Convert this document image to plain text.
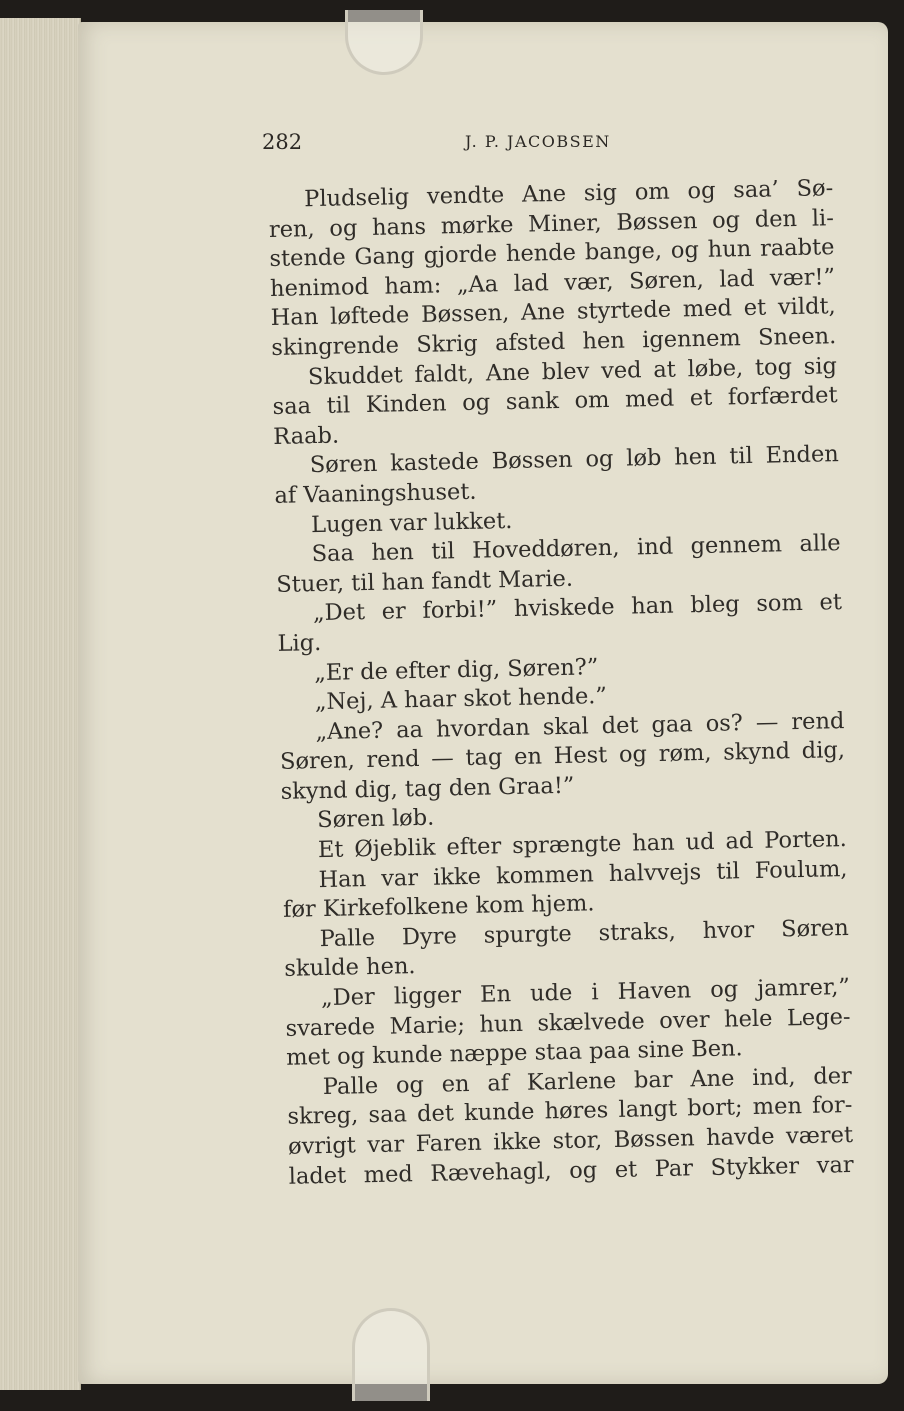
282	J. P. JACOBSEN
Pludselig vendte Ane sig om og saa’ Sø-
ren, og hans mørke Miner, Bøssen og den li-
stende Gang gjorde hende bange, og hun raabte
henimod ham: „Aa lad vær, Søren, lad vær!”
Han løftede Bøssen, Ane styrtede med et vildt,
skingrende Skrig afsted hen igennem Sneen.
Skuddet faldt, Ane blev ved at løbe, tog sig
saa til Kinden og sank om med et forfærdet
Raab.
Søren kastede Bøssen og løb hen til Enden
af Vaaningshuset.
Lugen var lukket.
Saa hen til Hoveddøren, ind gennem alle
Stuer, til han fandt Marie.
„Det er forbi!” hviskede han bleg som et
Lig.
„Er de efter dig, Søren?”
„Nej, A haar skot hende.”
„Ane? aa hvordan skal det gaa os? — rend
Søren, rend — tag en Hest og røm, skynd dig,
skynd dig, tag den Graa!”
Søren løb.
Et Øjeblik efter sprængte han ud ad Porten.
Han var ikke kommen halvvejs til Foulum,
før Kirkefolkene kom hjem.
Palle Dyre spurgte straks, hvor Søren
skulde hen.
„Der ligger En ude i Haven og jamrer,”
svarede Marie; hun skælvede over hele Lege-
met og kunde næppe staa paa sine Ben.
Palle og en af Karlene bar Ane ind, der
skreg, saa det kunde høres langt bort; men for-
øvrigt var Faren ikke stor, Bøssen havde været
ladet med Rævehagl, og et Par Stykker var
